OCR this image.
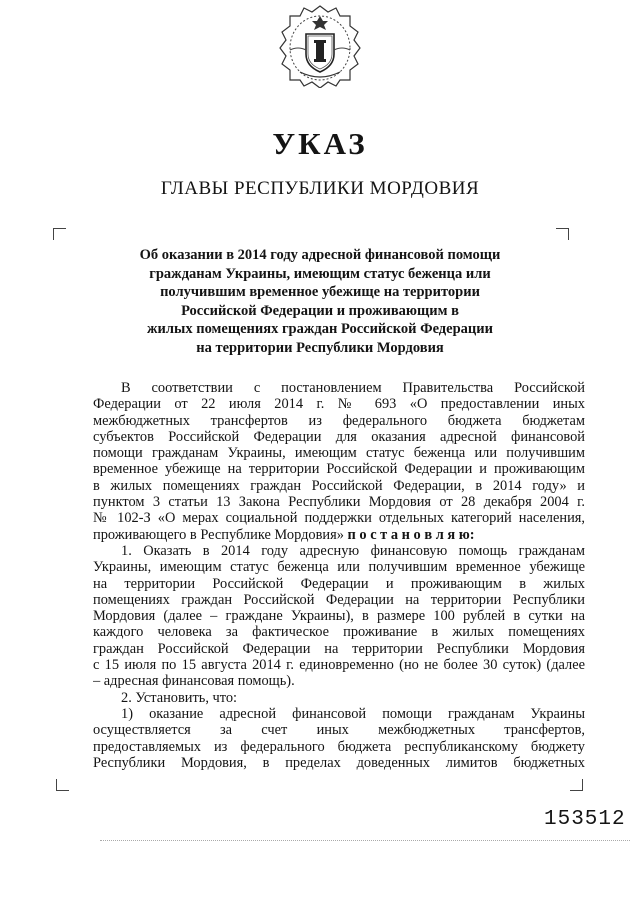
УКАЗ
ГЛАВЫ РЕСПУБЛИКИ МОРДОВИЯ
Об оказании в 2014 году адресной финансовой помощи
гражданам Украины, имеющим статус беженца или
получившим временное убежище на территории
Российской Федерации и проживающим в
жилых помещениях граждан Российской Федерации
на территории Республики Мордовия
В соответствии с постановлением Правительства Российской
Федерации от 22 июля 2014 г. № 693 «О предоставлении иных
межбюджетных трансфертов из федерального бюджета бюджетам
субъектов Российской Федерации для оказания адресной финансовой
помощи гражданам Украины, имеющим статус беженца или получившим
временное убежище на территории Российской Федерации и проживающим
в жилых помещениях граждан Российской Федерации, в 2014 году» и
пунктом 3 статьи 13 Закона Республики Мордовия от 28 декабря 2004 г.
№ 102-З «О мерах социальной поддержки отдельных категорий населения,
проживающего в Республике Мордовия» п о с т а н о в л я ю:
1. Оказать в 2014 году адресную финансовую помощь гражданам
Украины, имеющим статус беженца или получившим временное убежище
на территории Российской Федерации и проживающим в жилых
помещениях граждан Российской Федерации на территории Республики
Мордовия (далее – граждане Украины), в размере 100 рублей в сутки на
каждого человека за фактическое проживание в жилых помещениях
граждан Российской Федерации на территории Республики Мордовия
с 15 июля по 15 августа 2014 г. единовременно (но не более 30 суток) (далее
– адресная финансовая помощь).
2. Установить, что:
1) оказание адресной финансовой помощи гражданам Украины
осуществляется за счет иных межбюджетных трансфертов,
предоставляемых из федерального бюджета республиканскому бюджету
Республики Мордовия, в пределах доведенных лимитов бюджетных
153512
